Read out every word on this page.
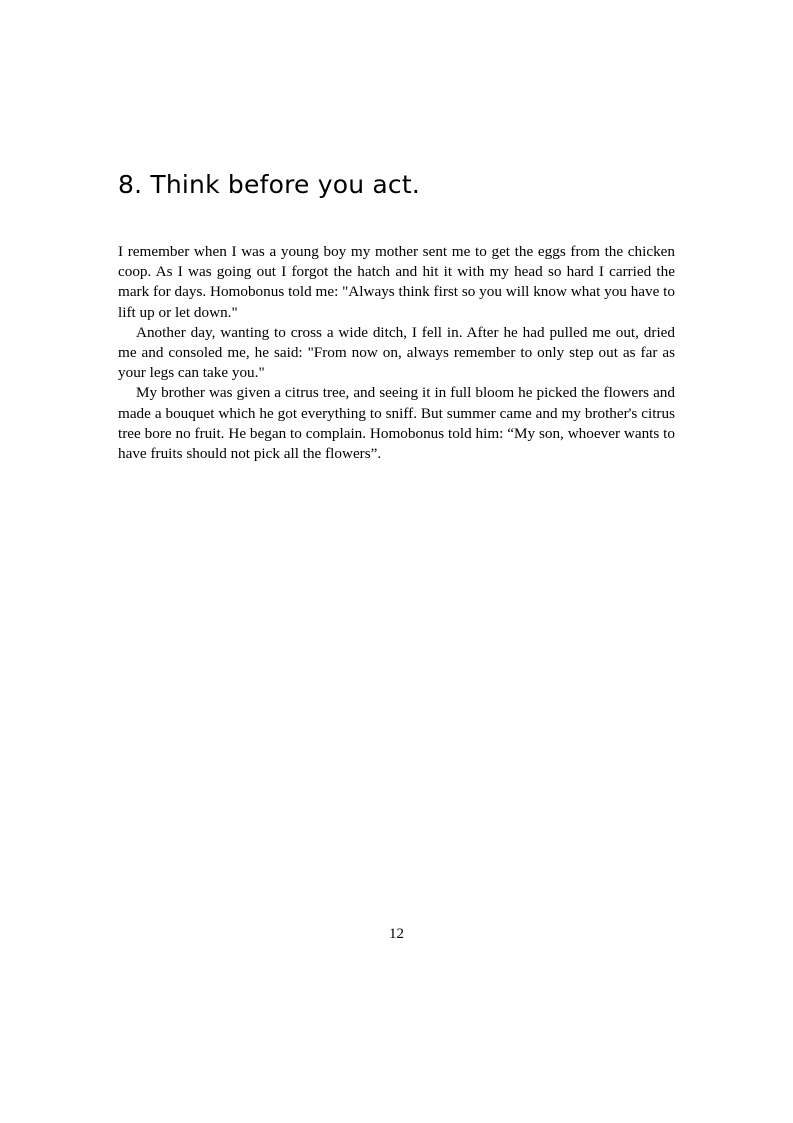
8. Think before you act.

I remember when I was a young boy my mother sent me to get the eggs from the chicken coop. As I was going out I forgot the hatch and hit it with my head so hard I carried the mark for days. Homobonus told me: "Always think first so you will know what you have to lift up or let down."

Another day, wanting to cross a wide ditch, I fell in. After he had pulled me out, dried me and consoled me, he said: "From now on, always remember to only step out as far as your legs can take you."

My brother was given a citrus tree, and seeing it in full bloom he picked the flowers and made a bouquet which he got everything to sniff. But summer came and my brother's citrus tree bore no fruit. He began to complain. Homobonus told him: “My son, whoever wants to have fruits should not pick all the flowers”.

12
